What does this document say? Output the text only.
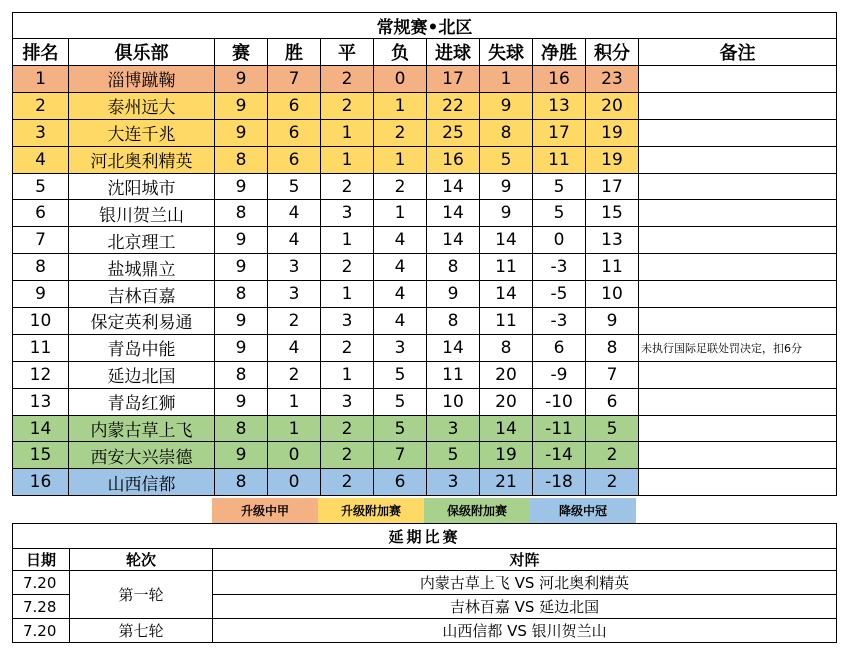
常规赛•北区										
排名	俱乐部	赛	胜	平	负	进球	失球	净胜	积分	备注
1	淄博蹴鞠	9	7	2	0	17	1	16	23	
2	泰州远大	9	6	2	1	22	9	13	20	
3	大连千兆	9	6	1	2	25	8	17	19	
4	河北奥利精英	8	6	1	1	16	5	11	19	
5	沈阳城市	9	5	2	2	14	9	5	17	
6	银川贺兰山	8	4	3	1	14	9	5	15	
7	北京理工	9	4	1	4	14	14	0	13	
8	盐城鼎立	9	3	2	4	8	11	-3	11	
9	吉林百嘉	8	3	1	4	9	14	-5	10	
10	保定英利易通	9	2	3	4	8	11	-3	9	
11	青岛中能	9	4	2	3	14	8	6	8	未执行国际足联处罚决定，扣6分
12	延边北国	8	2	1	5	11	20	-9	7	
13	青岛红狮	9	1	3	5	10	20	-10	6	
14	内蒙古草上飞	8	1	2	5	3	14	-11	5	
15	西安大兴崇德	9	0	2	7	5	19	-14	2	
16	山西信都	8	0	2	6	3	21	-18	2	
升级中甲	升级附加赛	保级附加赛	降级中冠
延期比赛		
日期	轮次	对阵
7.20	第一轮	内蒙古草上飞 VS 河北奥利精英
7.28		吉林百嘉 VS 延边北国
7.20	第七轮	山西信都 VS 银川贺兰山
